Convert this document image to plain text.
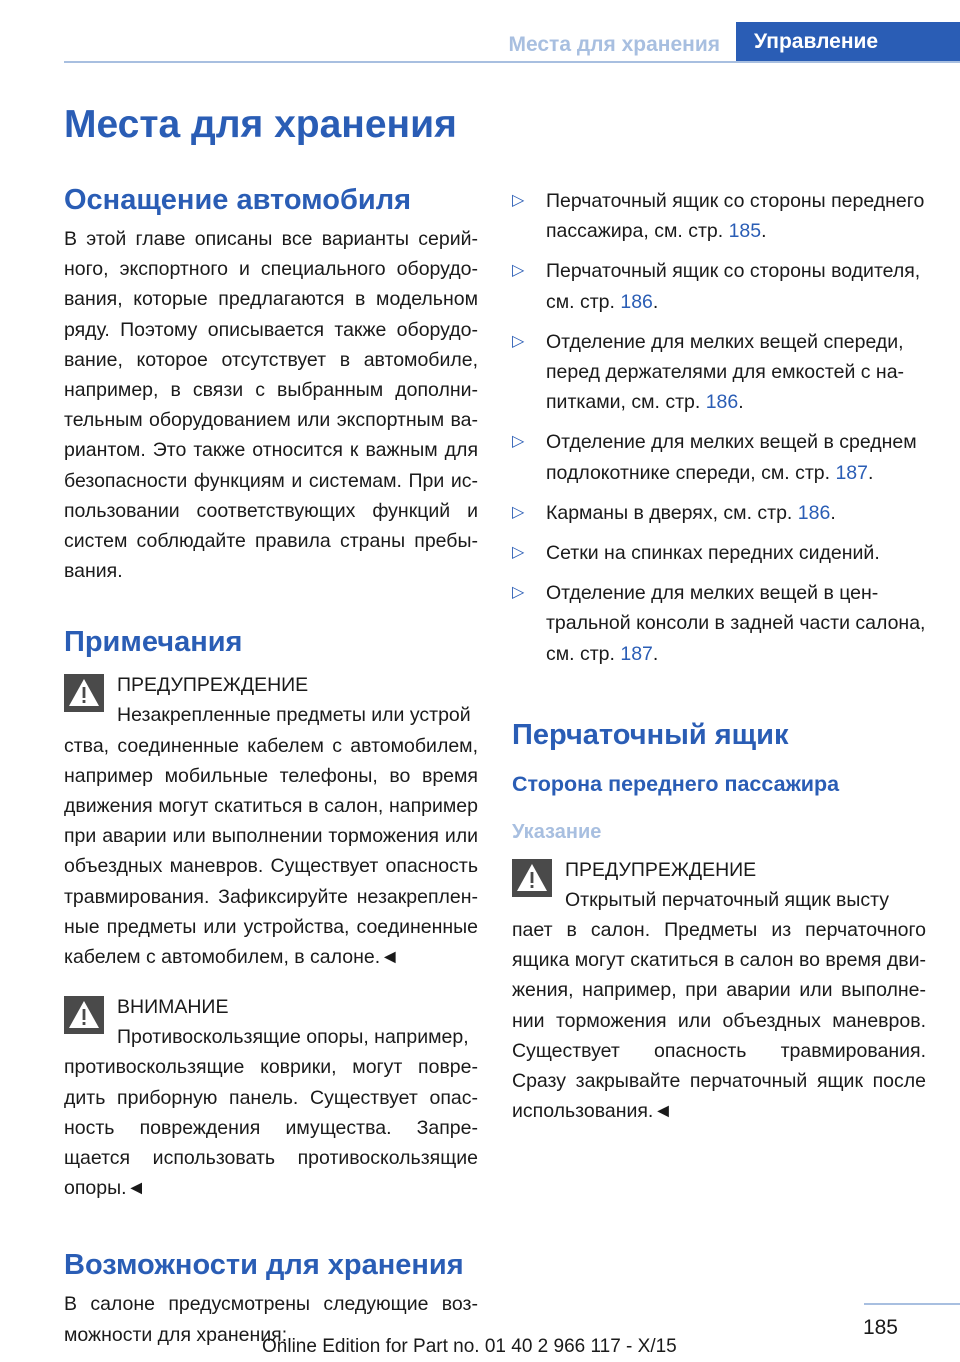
Места для хранения	Управление
Места для хранения
Оснащение автомобиля

В этой главе описаны все варианты серийного, экспортного и специального оборудования, которые предлагаются в модельном ряду. Поэтому описывается также оборудование, которое отсутствует в автомобиле, например, в связи с выбранным дополнительным оборудованием или экспортным вариантом. Это также относится к важным для безопасности функциям и системам. При использовании соответствующих функций и систем соблюдайте правила страны пребывания.

Примечания
ПРЕДУПРЕЖДЕНИЕ
Незакрепленные предметы или устрой

ства, соединенные кабелем с автомобилем, например мобильные телефоны, во время движения могут скатиться в салон, например при аварии или выполнении торможения или объездных маневров. Существует опасность травмирования. Зафиксируйте незакрепленные предметы или устройства, соединенные кабелем с автомобилем, в салоне.◄

ВНИМАНИЕ
Противоскользящие опоры, например,

противоскользящие коврики, могут повредить приборную панель. Существует опасность повреждения имущества. Запрещается использовать противоскользящие опоры.◄

Возможности для хранения

В салоне предусмотрены следующие возможности для хранения:

▷ Перчаточный ящик со стороны переднего пассажира, см. стр. 185.
▷ Перчаточный ящик со стороны водителя, см. стр. 186.
▷ Отделение для мелких вещей спереди, перед держателями для емкостей с напитками, см. стр. 186.
▷ Отделение для мелких вещей в среднем подлокотнике спереди, см. стр. 187.
▷ Карманы в дверях, см. стр. 186.
▷ Сетки на спинках передних сидений.
▷ Отделение для мелких вещей в центральной консоли в задней части салона, см. стр. 187.
Перчаточный ящик
Сторона переднего пассажира
Указание
ПРЕДУПРЕЖДЕНИЕ
Открытый перчаточный ящик высту

пает в салон. Предметы из перчаточного ящика могут скатиться в салон во время движения, например, при аварии или выполнении торможения или объездных маневров. Существует опасность травмирования. Сразу закрывайте перчаточный ящик после использования.◄

185
Online Edition for Part no. 01 40 2 966 117 - X/15
